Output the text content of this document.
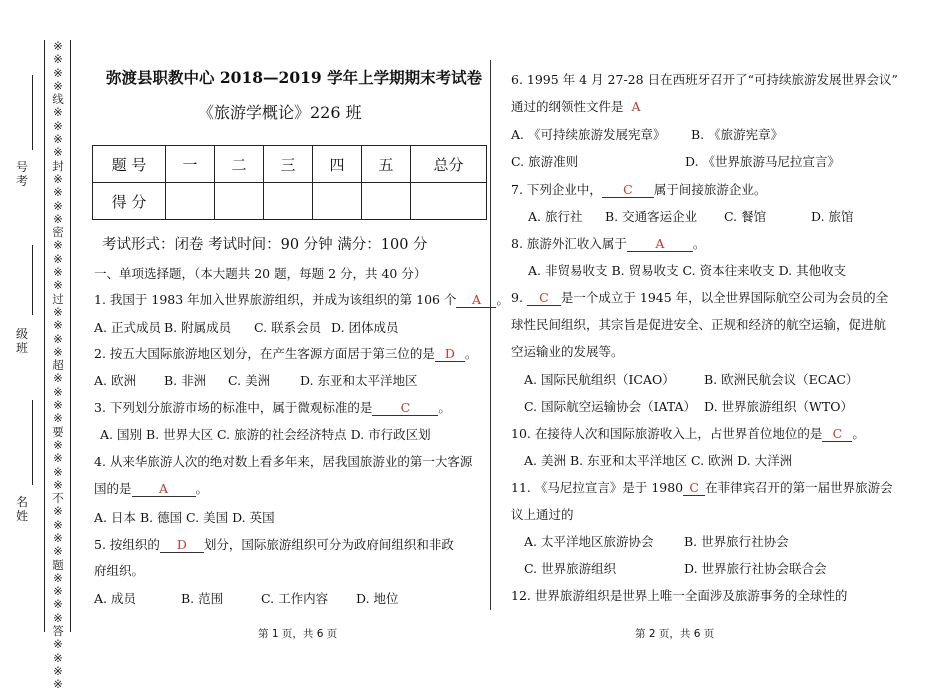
※※※※线※※※※封※※※※密※※※※过※※※※超※※※※要※※※※不※※※※题※※※※答※※※※
号考
级班
名姓
弥渡县职教中心 2018—2019 学年上学期期末考试卷
《旅游学概论》226 班
题 号	一	二	三	四	五	总分
得 分						
考试形式：闭卷 考试时间：90 分钟 满分：100 分
一、单项选择题，（本大题共 20 题，每题 2 分，共 40 分）
1. 我国于 1983 年加入世界旅游组织，并成为该组织的第 106 个 A 。
A. 正式成员 B. 附属成员 C. 联系会员 D. 团体成员
2. 按五大国际旅游地区划分，在产生客源方面居于第三位的是 D 。
A. 欧洲 B. 非洲 C. 美洲 D. 东亚和太平洋地区
3. 下列划分旅游市场的标准中，属于微观标准的是 C 。
A. 国别 B. 世界大区 C. 旅游的社会经济特点 D. 市行政区划
4. 从来华旅游人次的绝对数上看多年来，居我国旅游业的第一大客源
国的是 A 。
A. 日本 B. 德国 C. 美国 D. 英国
5. 按组织的 D 划分，国际旅游组织可分为政府间组织和非政
府组织。
A. 成员	B. 范围	C. 工作内容 D. 地位
6. 1995 年 4 月 27-28 日在西班牙召开了“可持续旅游发展世界会议”
通过的纲领性文件是 A
A. 《可持续旅游发展宪章》 B. 《旅游宪章》
C. 旅游准则	D. 《世界旅游马尼拉宣言》
7. 下列企业中， C 属于间接旅游企业。
A. 旅行社 B. 交通客运企业 C. 餐馆	D. 旅馆
8. 旅游外汇收入属于 A 。
A. 非贸易收支 B. 贸易收支 C. 资本往来收支 D. 其他收支
9. C 是一个成立于 1945 年，以全世界国际航空公司为会员的全
球性民间组织，其宗旨是促进安全、正规和经济的航空运输，促进航
空运输业的发展等。
A. 国际民航组织（ICAO） B. 欧洲民航会议（ECAC）
C. 国际航空运输协会（IATA） D. 世界旅游组织（WTO）
10. 在接待人次和国际旅游收入上，占世界首位地位的是 C 。
A. 美洲 B. 东亚和太平洋地区 C. 欧洲 D. 大洋洲
11. 《马尼拉宣言》是于 1980 C 在菲律宾召开的第一届世界旅游会
议上通过的
A. 太平洋地区旅游协会 B. 世界旅行社协会
C. 世界旅游组织	D. 世界旅行社协会联合会
12. 世界旅游组织是世界上唯一全面涉及旅游事务的全球性的
第 1 页，共 6 页	第 2 页，共 6 页
